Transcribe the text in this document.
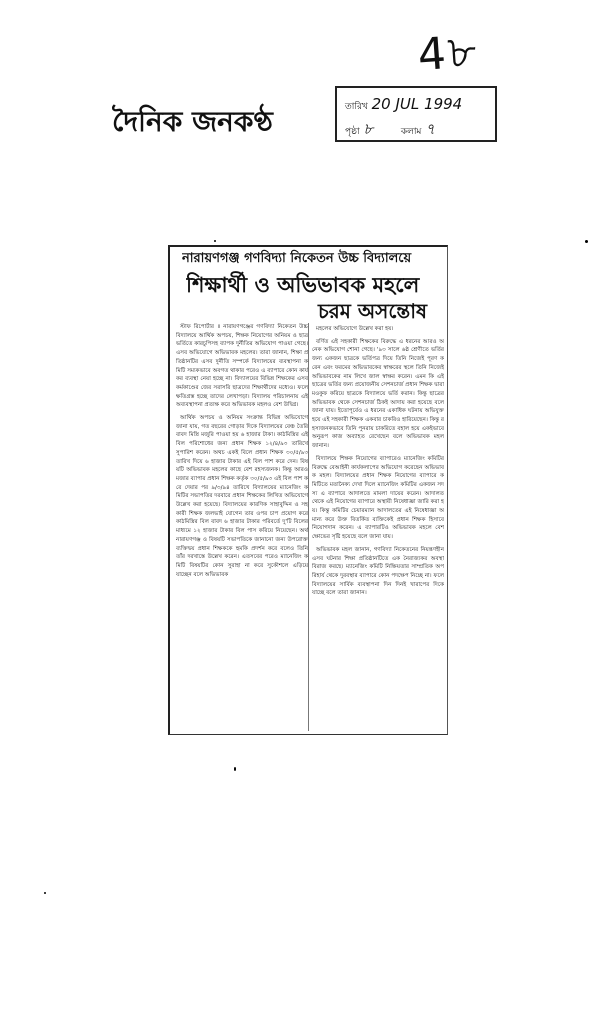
4৮
দৈনিক জনকণ্ঠ	তারিখ 20 JUL 1994
পৃষ্ঠা ৮	কলাম ৭
নারায়ণগঞ্জ গণবিদ্যা নিকেতন উচ্চ বিদ্যালয়ে
শিক্ষার্থী ও অভিভাবক মহলে
চরম অসন্তোষ

স্টাফ রিপোর্টার ॥ নারায়ণগঞ্জের গণবিদ্যা নিকেতন উচ্চ বিদ্যালয়ে আর্থিক অপচয়, শিক্ষক নিয়োগের অনিয়ম ও ছাত্র ভর্তিতে কারচুপিসহ ব্যাপক দুর্নীতির অভিযোগ পাওয়া গেছে। এসব অভিযোগে অভিভাবক মহলের। তারা জানান, শিক্ষা প্রতিষ্ঠানটির এসব দুর্নীতি সম্পর্কে বিদ্যালয়ের ব্যবস্থাপনা কমিটি সম্যকভাবে অবগত থাকার পরেও এ ব্যাপারে কোন কার্যকর ব্যবস্থা নেয়া হচ্ছে না। বিদ্যালয়ের বিভিন্ন শিক্ষকের এসব কর্মকাণ্ডের জের সরাসরি ছাত্রদের শিক্ষার্থীদের মধ্যেও। ফলে ক্ষতিগ্রস্ত হচ্ছে তাদের লেখাপড়া। বিদ্যালয় পরিচালনায় এই অব্যবস্থাপনা প্রত্যক্ষ করে অভিভাবক মহলও বেশ উদ্বিগ্ন।

আর্থিক অপচয় ও অনিয়ম সংক্রান্ত বিভিন্ন অভিযোগে জানা যায়, গত বছরের গোড়ার দিকে বিদ্যালয়ের বেঞ্চ তৈরি বাবদ মিস্ত্রি মজুরি পাওয়া হয় ৬ হাজার টাকা। কাঠমিস্ত্রির এই বিল পরিশোধের জন্য প্রধান শিক্ষক ১২/৪/৯৩ তারিখে সুপারিশ করেন। অথচ একই বিলে প্রধান শিক্ষক ৩০/৫/৯৩ তারিখ দিয়ে ৬ হাজার টাকার এই বিল পাশ করে দেন। বিষয়টি অভিভাবক মহলের কাছে বেশ রহস্যজনক। কিন্তু আরও মজার ব্যাপার প্রধান শিক্ষক কর্তৃক ৩০/৫/৯৩ এই বিল পাশ করে দেয়ার পর ৯/৩/৯৪ তারিখে বিদ্যালয়ের ম্যানেজিং কমিটির সভাপতির দরবারে প্রধান শিক্ষকের লিখিত অভিযোগে উল্লেখ করা হয়েছে। বিদ্যালয়ের কারণিক সাহাবুদ্দিন ও সহকারী শিক্ষক জলভাই যোগেন তার ওপর চাপ প্রয়োগ করে কাঠমিস্ত্রির বিল বাবদ ৬ হাজার টাকার পরিবর্তে দু'টি বিলের মাধ্যমে ১২ হাজার টাকার বিল পাস করিয়ে নিয়েছেন। অর্থ নারায়ণগঞ্জ ও বিষয়টি সভাপতিকে জানানো জন্য উপরোক্ত ব্যক্তিদ্বয় প্রধান শিক্ষককে হুমকি প্রদর্শন করে বলেও তিনি তাঁর দরখাস্তে উল্লেখ করেন। এতসবের পরেও ম্যানেজিং কমিটি বিষয়টির কোন সুরাহা না করে সুকৌশলে এড়িয়ে যাচ্ছেন বলে অভিভাবক

মহলের অভিযোগে উল্লেখ করা হয়।

বর্ণিত এই সহকারী শিক্ষকের বিরুদ্ধে এ ধরনের আরও অনেক অভিযোগ শোনা গেছে। '৯৩ সালে ৬ষ্ঠ শ্রেণীতে ভর্তির জন্য একজন ছাত্রকে ভর্তিপত্র দিয়ে তিনি নিজেই পূরণ করেন এবং ফরমের অভিভাবকের স্বাক্ষরের স্থলে তিনি নিজেই অভিভাবকের নাম লিখে জাল স্বাক্ষর করেন। এমন কি এই ছাত্রের ভর্তির জন্য প্রয়োজনীয় সেশনচার্জ প্রধান শিক্ষক দ্বারা মওকুফ করিয়ে ছাত্রকে বিদ্যালয়ে ভর্তি করান। কিন্তু ছাত্রের অভিভাবক থেকে সেশনচার্জ ঠিকই আদায় করা হয়েছে বলে জানা যায়। ইতোপূর্বেও এ ধরনের একাধিক ঘটনায় অভিযুক্ত হয়ে এই সহকারী শিক্ষক একবার চাকরিও হারিয়েছেন। কিন্তু রহস্যজনকভাবে তিনি পুনরায় চাকরিতে বহাল হয়ে একইভাবে অনুরূপ কাজ অব্যাহত রেখেছেন বলে অভিভাবক মহল জানান।

বিদ্যালয়ে শিক্ষক নিয়োগের ব্যাপারেও ম্যানেজিং কমিটির বিরুদ্ধে বেআইনী কার্যকলাপের অভিযোগ করেছেন অভিভাবক মহল। বিদ্যালয়ের প্রধান শিক্ষক নিয়োগের ব্যাপারে কমিটিতে মতানৈক্য দেখা দিলে ম্যানেজিং কমিটির একজন সদস্য এ ব্যাপারে আদালতে মামলা দায়ের করেন। আদালত থেকে এই নিয়োগের ব্যাপারে অস্থায়ী নিষেধাজ্ঞা জারি করা হয়। কিন্তু কমিটির চেয়ারম্যান আদালতের এই নিষেধাজ্ঞা অমান্য করে উক্ত বিতর্কিত ব্যক্তিকেই প্রধান শিক্ষক হিসাবে নিয়োগদান করেন। এ ব্যাপারটিও অভিভাবক মহলে বেশ ক্ষোভের সৃষ্টি হয়েছে বলে জানা যায়।

অভিভাবক মহল জানান, গণবিদ্যা নিকেতনের নিয়ন্ত্রণহীন এসব ঘটনার শিক্ষা প্রতিষ্ঠানটিতে এক নৈরাজ্যকর অবস্থা বিরাজ করছে। ম্যানেজিং কমিটি নিষ্ক্রিয়তার সাম্প্রতিক অপরিহার্য থেকে দুরবস্থার ব্যাপারে কোন পদক্ষেপ নিচ্ছে না। ফলে বিদ্যালয়ের সার্বিক ব্যবস্থাপনা দিন দিনই খারাপের দিকে যাচ্ছে বলে তারা জানান।
